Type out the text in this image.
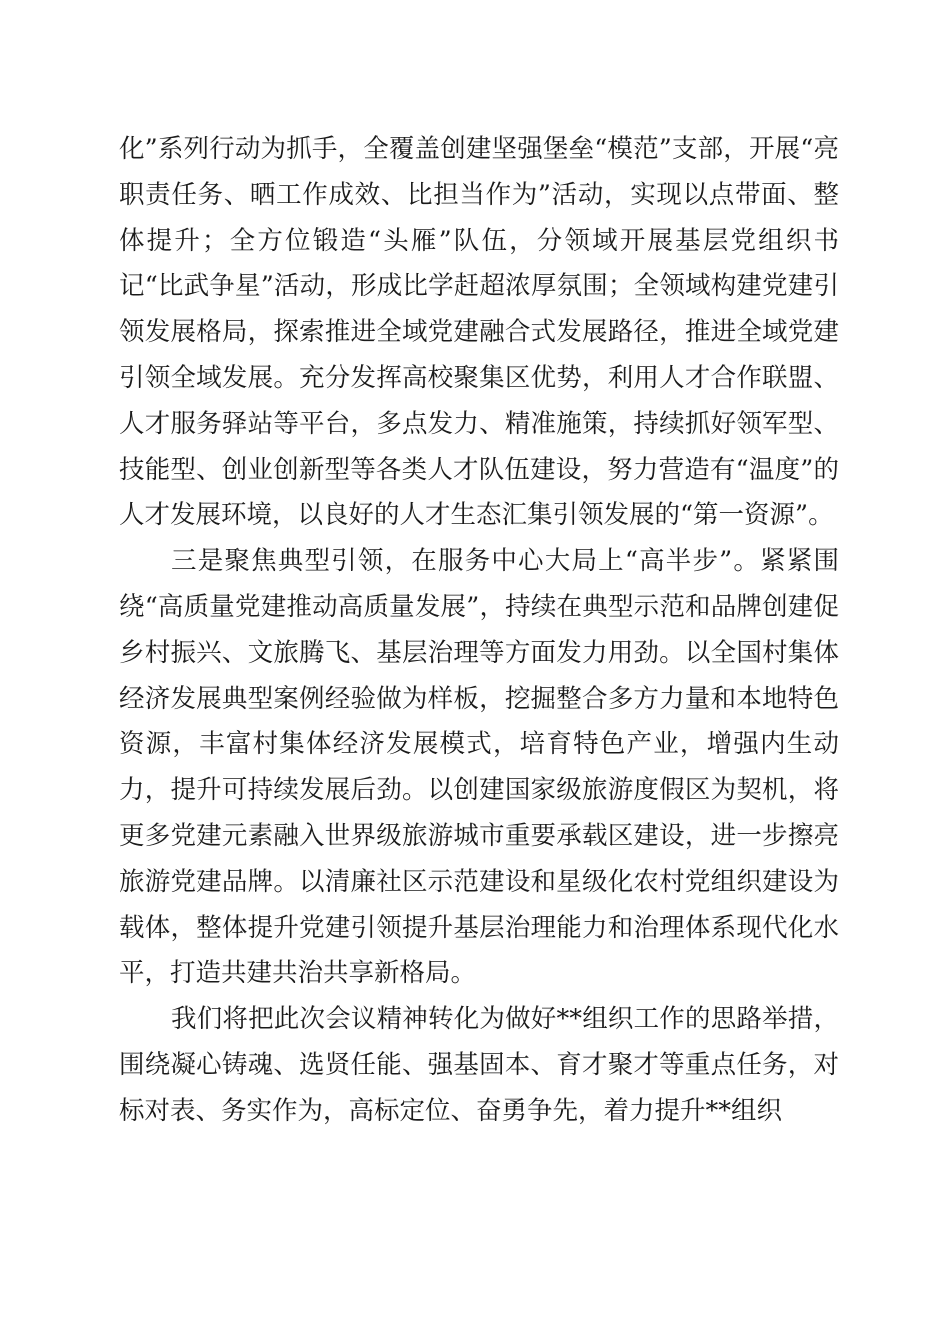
化”系列行动为抓手，全覆盖创建坚强堡垒“模范”支部，开展“亮职责任务、晒工作成效、比担当作为”活动，实现以点带面、整体提升；全方位锻造“头雁”队伍，分领域开展基层党组织书记“比武争星”活动，形成比学赶超浓厚氛围；全领域构建党建引领发展格局，探索推进全域党建融合式发展路径，推进全域党建引领全域发展。充分发挥高校聚集区优势，利用人才合作联盟、人才服务驿站等平台，多点发力、精准施策，持续抓好领军型、技能型、创业创新型等各类人才队伍建设，努力营造有“温度”的人才发展环境，以良好的人才生态汇集引领发展的“第一资源”。

三是聚焦典型引领，在服务中心大局上“高半步”。紧紧围绕“高质量党建推动高质量发展”，持续在典型示范和品牌创建促乡村振兴、文旅腾飞、基层治理等方面发力用劲。以全国村集体经济发展典型案例经验做为样板，挖掘整合多方力量和本地特色资源，丰富村集体经济发展模式，培育特色产业，增强内生动力，提升可持续发展后劲。以创建国家级旅游度假区为契机，将更多党建元素融入世界级旅游城市重要承载区建设，进一步擦亮旅游党建品牌。以清廉社区示范建设和星级化农村党组织建设为载体，整体提升党建引领提升基层治理能力和治理体系现代化水平，打造共建共治共享新格局。

我们将把此次会议精神转化为做好**组织工作的思路举措，围绕凝心铸魂、选贤任能、强基固本、育才聚才等重点任务，对标对表、务实作为，高标定位、奋勇争先，着力提升**组织
